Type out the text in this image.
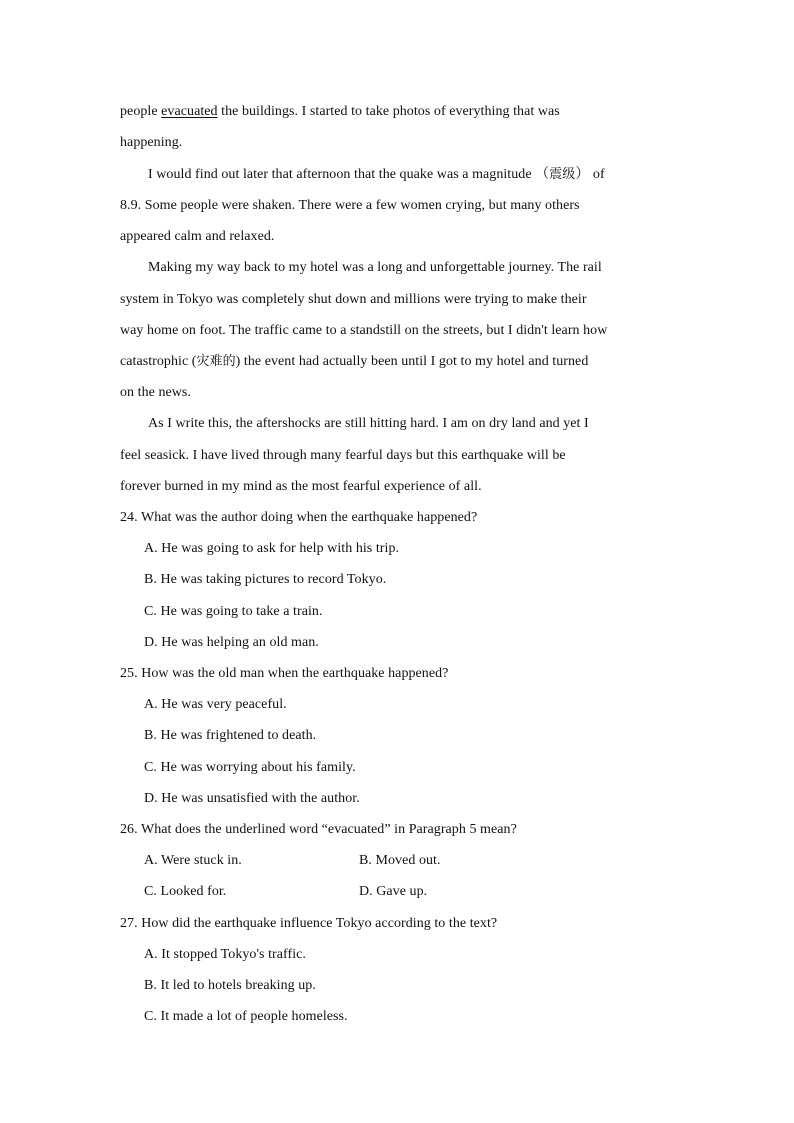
people evacuated the buildings. I started to take photos of everything that was
happening.
I would find out later that afternoon that the quake was a magnitude （震级） of
8.9. Some people were shaken. There were a few women crying, but many others
appeared calm and relaxed.
Making my way back to my hotel was a long and unforgettable journey. The rail
system in Tokyo was completely shut down and millions were trying to make their
way home on foot. The traffic came to a standstill on the streets, but I didn't learn how
catastrophic (灾难的) the event had actually been until I got to my hotel and turned
on the news.
As I write this, the aftershocks are still hitting hard. I am on dry land and yet I
feel seasick. I have lived through many fearful days but this earthquake will be
forever burned in my mind as the most fearful experience of all.
24. What was the author doing when the earthquake happened?
A. He was going to ask for help with his trip.
B. He was taking pictures to record Tokyo.
C. He was going to take a train.
D. He was helping an old man.
25. How was the old man when the earthquake happened?
A. He was very peaceful.
B. He was frightened to death.
C. He was worrying about his family.
D. He was unsatisfied with the author.
26. What does the underlined word “evacuated” in Paragraph 5 mean?
A. Were stuck in.	B. Moved out.
C. Looked for.	D. Gave up.
27. How did the earthquake influence Tokyo according to the text?
A. It stopped Tokyo's traffic.
B. It led to hotels breaking up.
C. It made a lot of people homeless.
